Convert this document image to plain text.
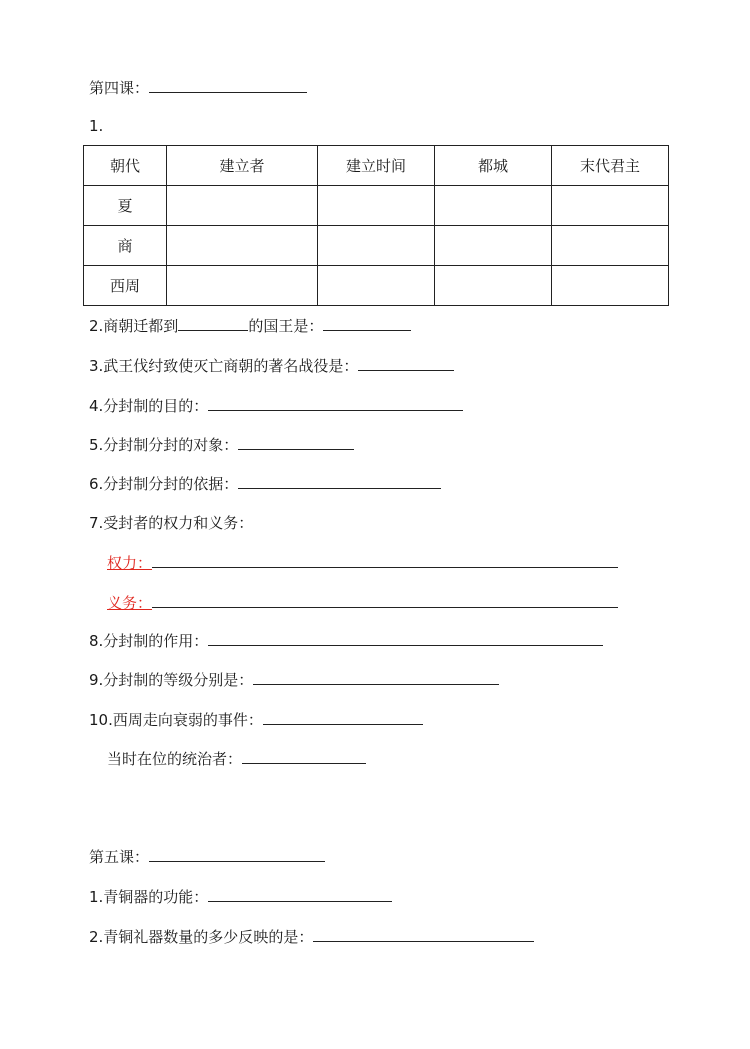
第四课：
1.
朝代	建立者	建立时间	都城	末代君主
夏				
商				
西周				
2.商朝迁都到	的国王是：
3.武王伐纣致使灭亡商朝的著名战役是：
4.分封制的目的：
5.分封制分封的对象：
6.分封制分封的依据：
7.受封者的权力和义务：
权力：
义务：
8.分封制的作用：
9.分封制的等级分别是：
10.西周走向衰弱的事件：
当时在位的统治者：
第五课：
1.青铜器的功能：
2.青铜礼器数量的多少反映的是：
